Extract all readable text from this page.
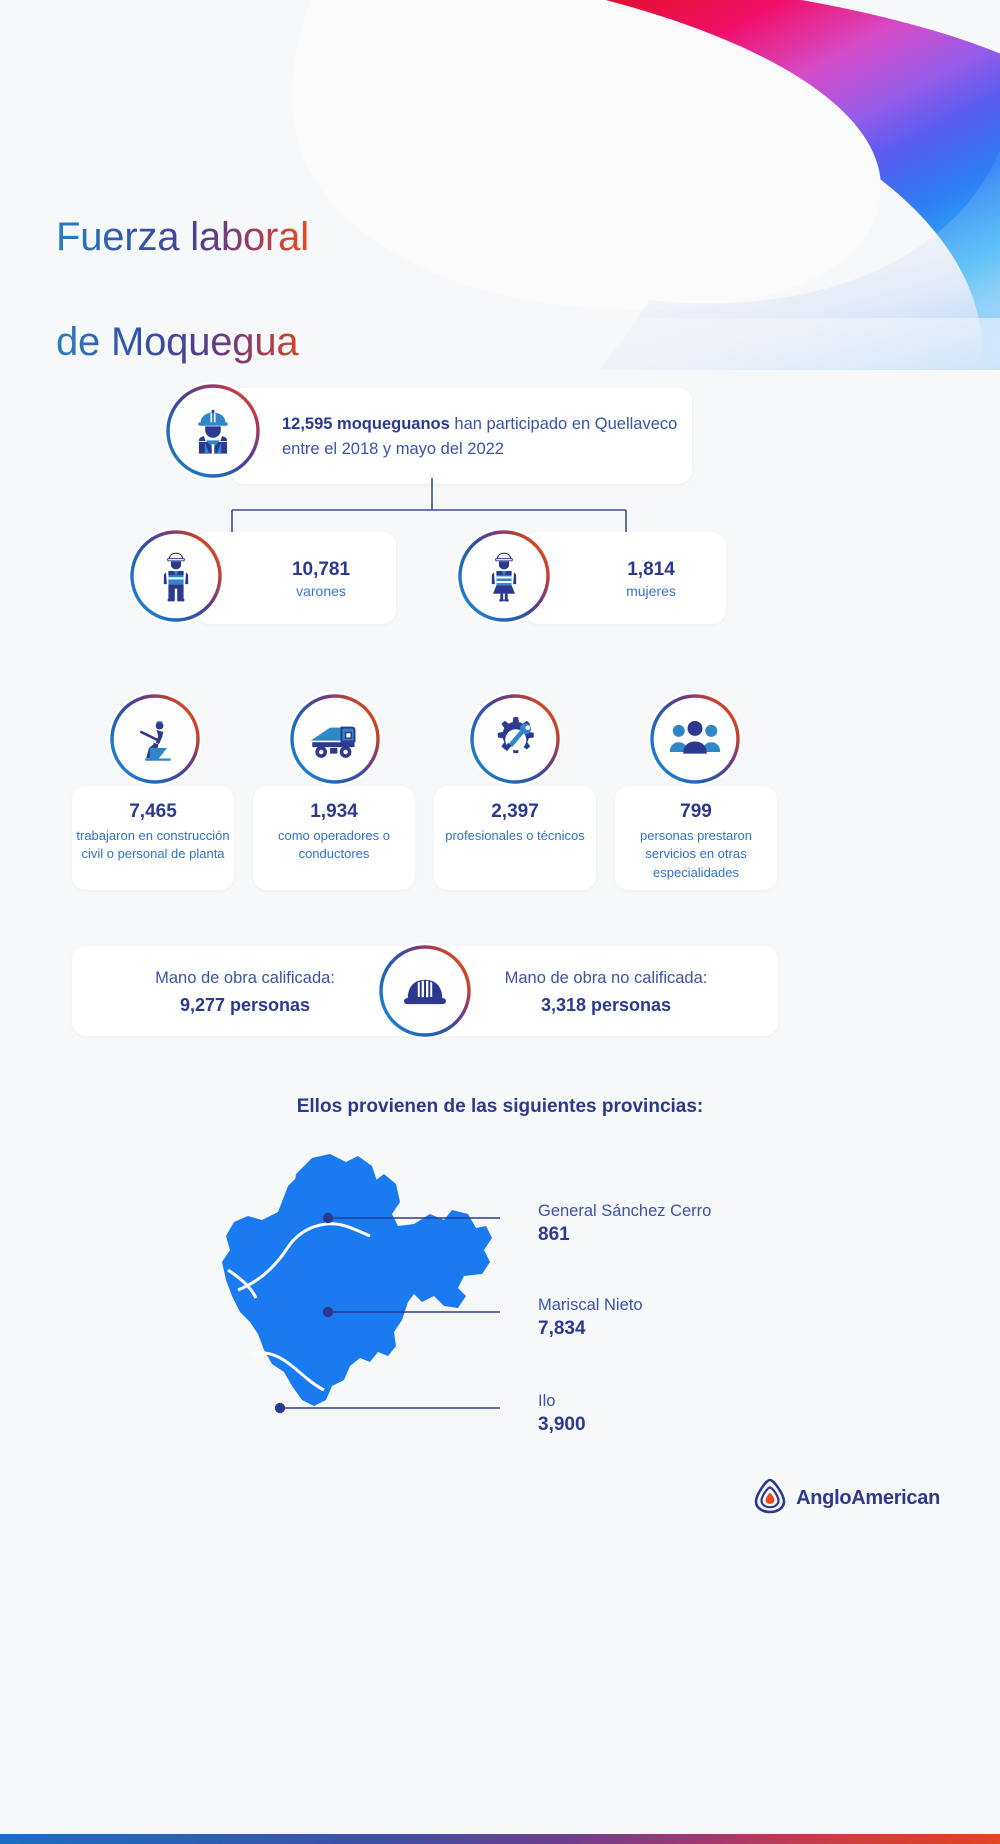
Fuerza laboral

de Moquegua

12,595 moqueguanos han participado en Quellaveco entre el 2018 y mayo del 2022
10,781
varones
1,814
mujeres
7,465
trabajaron en construcción civil o personal de planta
1,934
como operadores o conductores
2,397
profesionales o técnicos
799
personas prestaron servicios en otras especialidades
Mano de obra calificada:
9,277 personas
Mano de obra no calificada:
3,318 personas
Ellos provienen de las siguientes provincias:
General Sánchez Cerro
861
Mariscal Nieto
7,834
Ilo
3,900
AngloAmerican
